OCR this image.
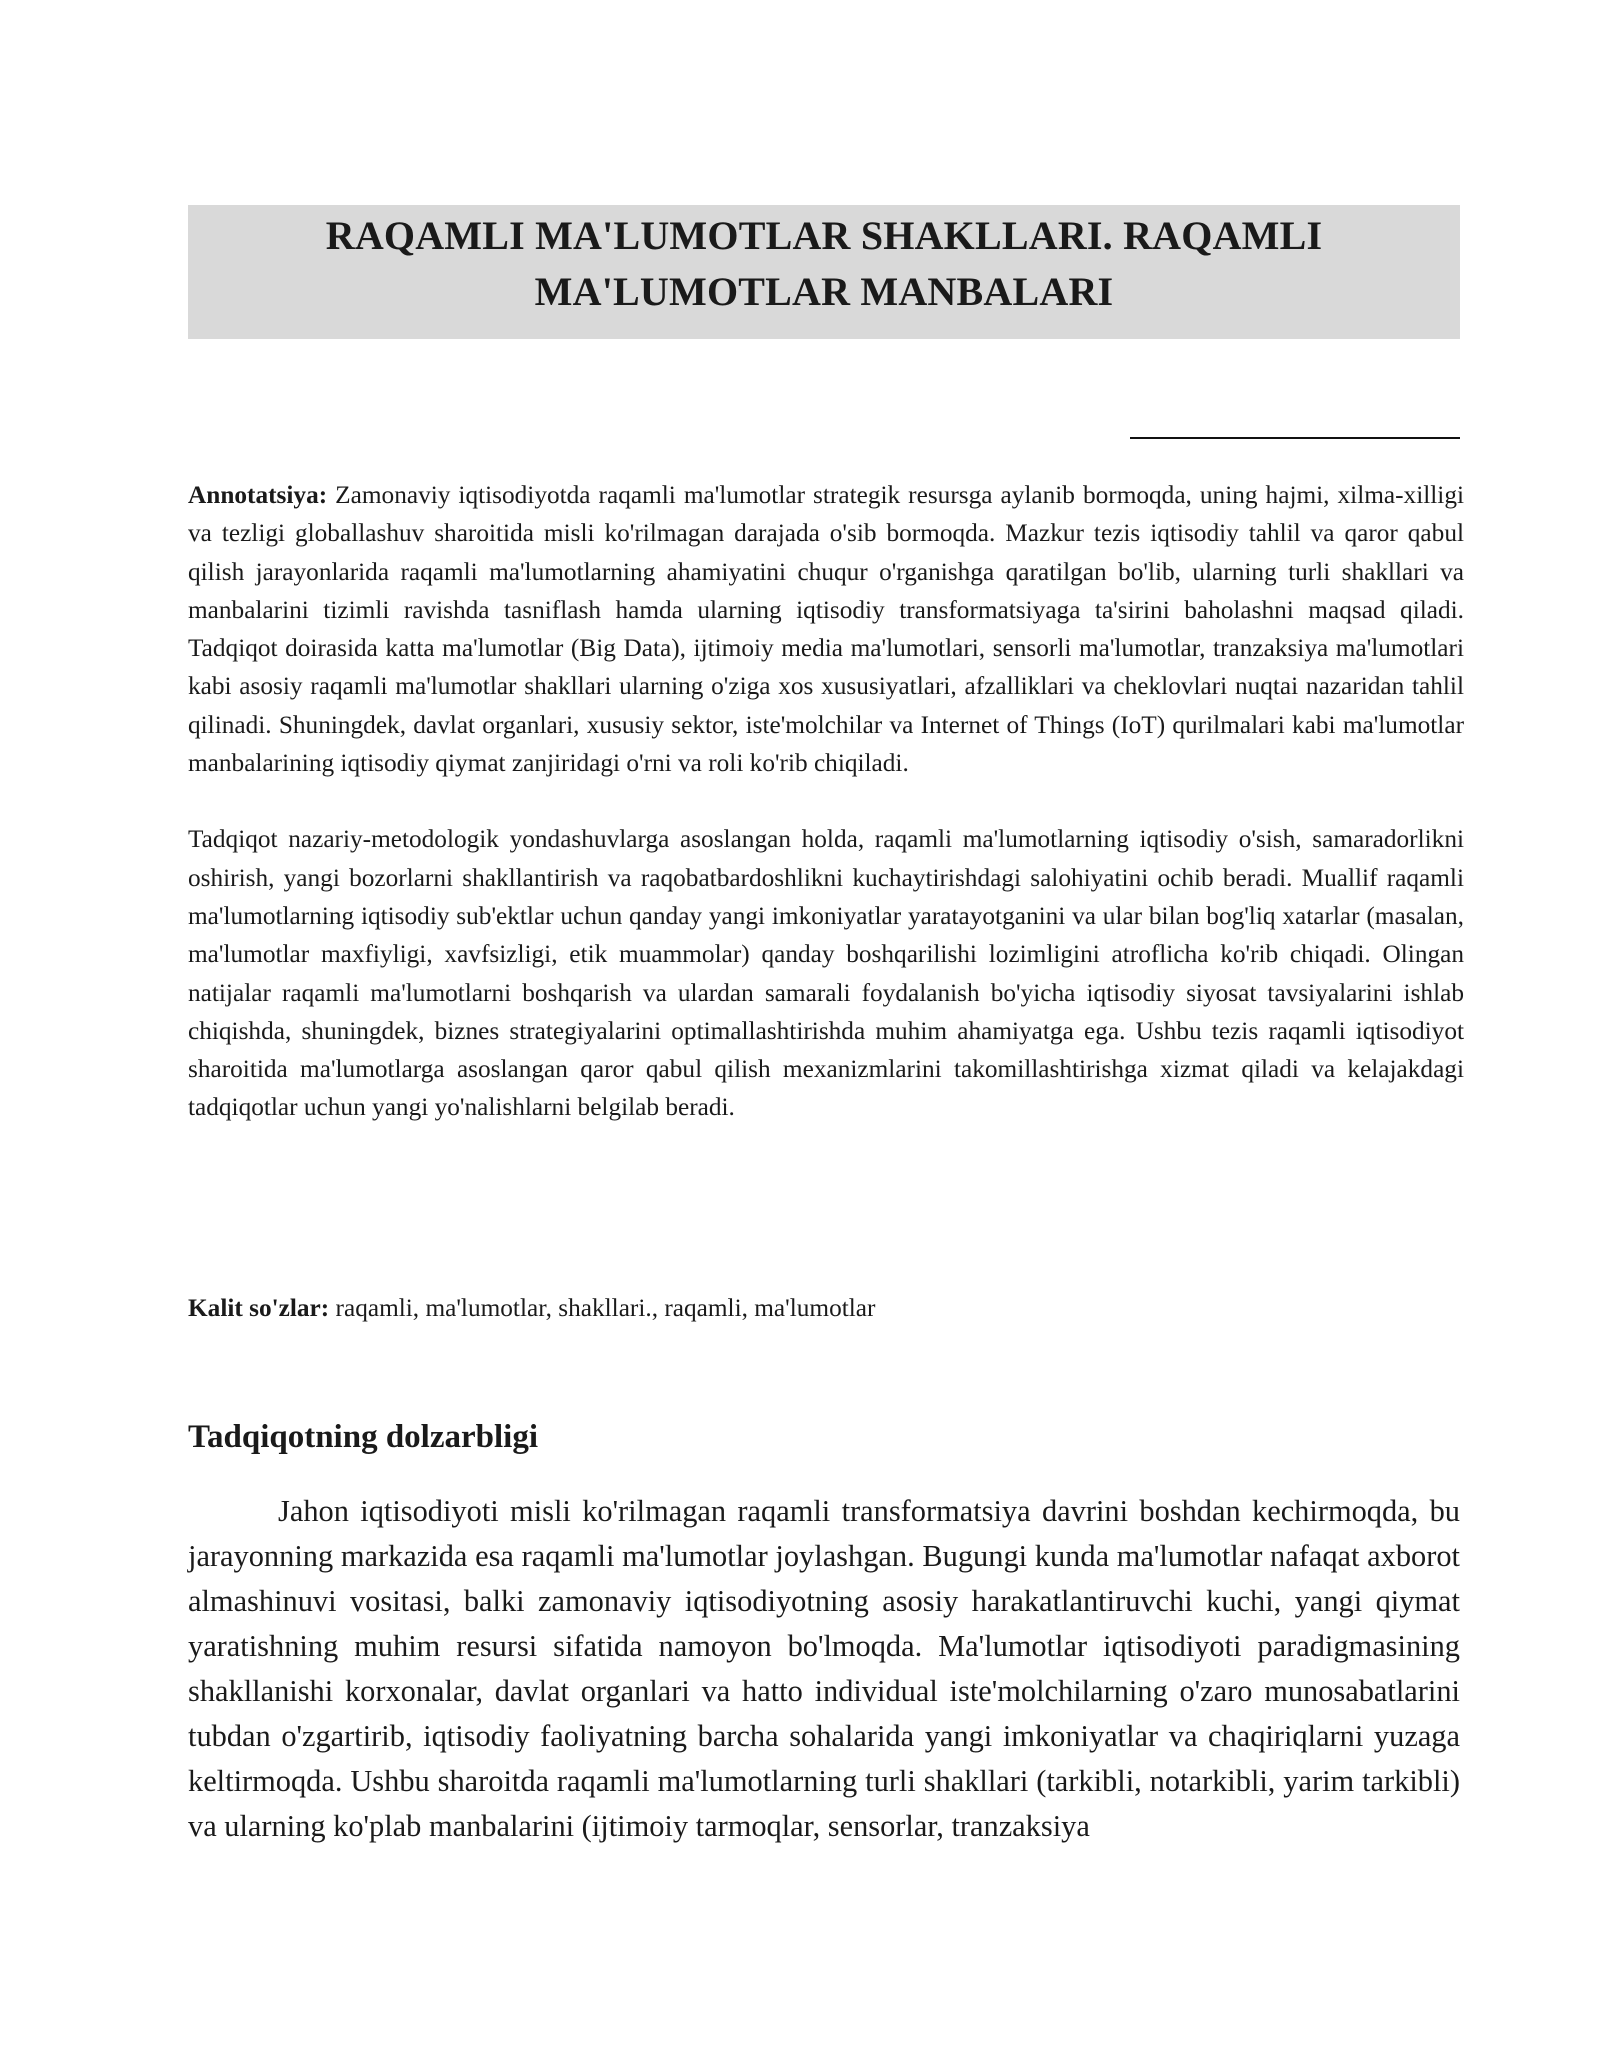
RAQAMLI MA'LUMOTLAR SHAKLLARI. RAQAMLI
MA'LUMOTLAR MANBALARI

Annotatsiya: Zamonaviy iqtisodiyotda raqamli ma'lumotlar strategik resursga aylanib bormoqda, uning hajmi, xilma-xilligi va tezligi globallashuv sharoitida misli ko'rilmagan darajada o'sib bormoqda. Mazkur tezis iqtisodiy tahlil va qaror qabul qilish jarayonlarida raqamli ma'lumotlarning ahamiyatini chuqur o'rganishga qaratilgan bo'lib, ularning turli shakllari va manbalarini tizimli ravishda tasniflash hamda ularning iqtisodiy transformatsiyaga ta'sirini baholashni maqsad qiladi. Tadqiqot doirasida katta ma'lumotlar (Big Data), ijtimoiy media ma'lumotlari, sensorli ma'lumotlar, tranzaksiya ma'lumotlari kabi asosiy raqamli ma'lumotlar shakllari ularning o'ziga xos xususiyatlari, afzalliklari va cheklovlari nuqtai nazaridan tahlil qilinadi. Shuningdek, davlat organlari, xususiy sektor, iste'molchilar va Internet of Things (IoT) qurilmalari kabi ma'lumotlar manbalarining iqtisodiy qiymat zanjiridagi o'rni va roli ko'rib chiqiladi.

Tadqiqot nazariy-metodologik yondashuvlarga asoslangan holda, raqamli ma'lumotlarning iqtisodiy o'sish, samaradorlikni oshirish, yangi bozorlarni shakllantirish va raqobatbardoshlikni kuchaytirishdagi salohiyatini ochib beradi. Muallif raqamli ma'lumotlarning iqtisodiy sub'ektlar uchun qanday yangi imkoniyatlar yaratayotganini va ular bilan bog'liq xatarlar (masalan, ma'lumotlar maxfiyligi, xavfsizligi, etik muammolar) qanday boshqarilishi lozimligini atroflicha ko'rib chiqadi. Olingan natijalar raqamli ma'lumotlarni boshqarish va ulardan samarali foydalanish bo'yicha iqtisodiy siyosat tavsiyalarini ishlab chiqishda, shuningdek, biznes strategiyalarini optimallashtirishda muhim ahamiyatga ega. Ushbu tezis raqamli iqtisodiyot sharoitida ma'lumotlarga asoslangan qaror qabul qilish mexanizmlarini takomillashtirishga xizmat qiladi va kelajakdagi tadqiqotlar uchun yangi yo'nalishlarni belgilab beradi.

Kalit so'zlar: raqamli, ma'lumotlar, shakllari., raqamli, ma'lumotlar
Tadqiqotning dolzarbligi

Jahon iqtisodiyoti misli ko'rilmagan raqamli transformatsiya davrini boshdan kechirmoqda, bu jarayonning markazida esa raqamli ma'lumotlar joylashgan. Bugungi kunda ma'lumotlar nafaqat axborot almashinuvi vositasi, balki zamonaviy iqtisodiyotning asosiy harakatlantiruvchi kuchi, yangi qiymat yaratishning muhim resursi sifatida namoyon bo'lmoqda. Ma'lumotlar iqtisodiyoti paradigmasining shakllanishi korxonalar, davlat organlari va hatto individual iste'molchilarning o'zaro munosabatlarini tubdan o'zgartirib, iqtisodiy faoliyatning barcha sohalarida yangi imkoniyatlar va chaqiriqlarni yuzaga keltirmoqda. Ushbu sharoitda raqamli ma'lumotlarning turli shakllari (tarkibli, notarkibli, yarim tarkibli) va ularning ko'plab manbalarini (ijtimoiy tarmoqlar, sensorlar, tranzaksiya
